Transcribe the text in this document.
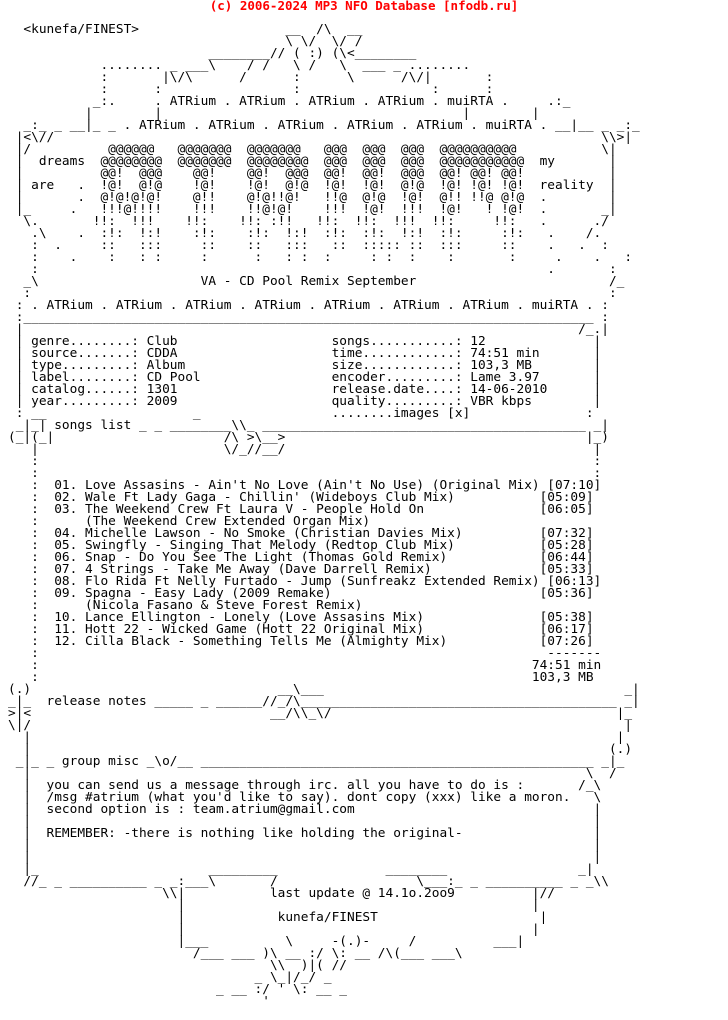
(c) 2006-2024 MP3 NFO Database [nfodb.ru]
<kunefa/FINEST>                   __  /\  __
\ \/  \/ /
________// ( :) (\<________
........ _ ___\    / /   \ /   \  ___ _ ........
:       |\/\      /      :      \      /\/|       :
:      :                 :                 :      :
_:.     . ATRium . ATRium . ATRium . ATRium . muiRTA .     .:_
|        |                                       |        |
_:_ _ __|_ _ . ATRium . ATRium . ATRium . ATRium . ATRium . muiRTA . __|__ _ _:_
|<\//                                                                       \\>|
|/          @@@@@@   @@@@@@@  @@@@@@@   @@@  @@@  @@@  @@@@@@@@@@           \|
|  dreams  @@@@@@@@  @@@@@@@  @@@@@@@@  @@@  @@@  @@@  @@@@@@@@@@@  my       |
|          @@!  @@@    @@!    @@!  @@@  @@!  @@!  @@@  @@! @@! @@!           |
| are   .  !@!  @!@    !@!    !@!  @!@  !@!  !@!  @!@  !@! !@! !@!  reality  |
|       .  @!@!@!@!    @!!    @!@!!@!   !!@  @!@  !@!  @!! !!@ @!@  .        |
|_     .   !!!@!!!!    !!!    !!@!@!    !!!  !@!  !!!  !@!   ! !@!  .       _|
\.       !!:  !!!    !!:    !!: :!!   !!:  !!:  !!!  !!:     !!:   .      ./
.\    .  :!:  !:!    :!:    :!:  !:!  :!:  :!:  !:!  :!:     :!:   .    /.
:  .     ::   :::     ::    ::   :::   ::  ::::: ::  :::     ::    .   .  :
:    .    :   : :     :      :   : :  :     : :  :    :       :     .    .   :
:                                                                  .       :
_\                     VA - CD Pool Remix September                         /_
:                                                                           :
: . ATRium . ATRium . ATRium . ATRium . ATRium . ATRium . ATRium . muiRTA . :
:__________________________________________________________________________ :
|                                                                        /_.|
| genre........: Club                    songs...........: 12              |
| source.......: CDDA                    time............: 74:51 min       |
| type.........: Album                   size............: 103,3 MB        |
| label........: CD Pool                 encoder.........: Lame 3.97       |
| catalog......: 1301                    release.date....: 14-06-2010      |
| year.........: 2009                    quality.........: VBR kbps        |
: __                   _                 ........images [x]               :
_|_| songs list _ _ ________\\_ __________________________________________ _|
(_|(_|                      /\ >\__>                                       |_)
|                        \/_//__/                                        |
:                                                                        :
:                                                                        :
:  01. Love Assasins - Ain't No Love (Ain't No Use) (Original Mix) [07:10]
:  02. Wale Ft Lady Gaga - Chillin' (Wideboys Club Mix)           [05:09]
:  03. The Weekend Crew Ft Laura V - People Hold On               [06:05]
:      (The Weekend Crew Extended Organ Mix)
:  04. Michelle Lawson - No Smoke (Christian Davies Mix)          [07:32]
:  05. Swingfly - Singing That Melody (Redtop Club Mix)           [05:28]
:  06. Snap - Do You See The Light (Thomas Gold Remix)            [06:44]
:  07. 4 Strings - Take Me Away (Dave Darrell Remix)              [05:33]
:  08. Flo Rida Ft Nelly Furtado - Jump (Sunfreakz Extended Remix) [06:13]
:  09. Spagna - Easy Lady (2009 Remake)                           [05:36]
:      (Nicola Fasano & Steve Forest Remix)
:  10. Lance Ellington - Lonely (Love Assasins Mix)               [05:38]
:  11. Hott 22 - Wicked Game (Hott 22 Original Mix)               [06:17]
:  12. Cilla Black - Something Tells Me (Almighty Mix)            [07:26]
:                                                                  -------
:                                                                74:51 min
:                                                                103,3 MB
(.)                                __\___                                       _|
_|_  release notes _____ _ ______//_/\_________________________________________ _|
>|<                               __/\\_\/                                     |_
\|/                                                                             |
|                                                                            |
|                                                                           (.)
_|_ _ group misc _\o/__ ___________________________________________________ _|_
|                                                                        \  /
|  you can send us a message through irc. all you have to do is :       /_\
|  /msg #atrium (what you'd like to say). dont copy (xxx) like a moron.   \
|  second option is : team.atrium@gmail.com                               |
|                                                                         |
|  REMEMBER: -there is nothing like holding the original-                 |
|                                                                         |
|                                                                         |
|_                      _________              ________                 _|
//_ _ __________ _ _:___\       /                  \___:_ _ __________ _ _\\
\\|           last update @ 14.1o.2oo9          |//
|                                             |
|            kunefa/FINEST                     |
|                                             |
|___          \     -(.)-     /          ___|
/___ ___ )\ __ :/ \: __ /\(___ ___\
\\  )|( //
_ \_|/_/ _
_ __ :/ ' \: __ _
'
